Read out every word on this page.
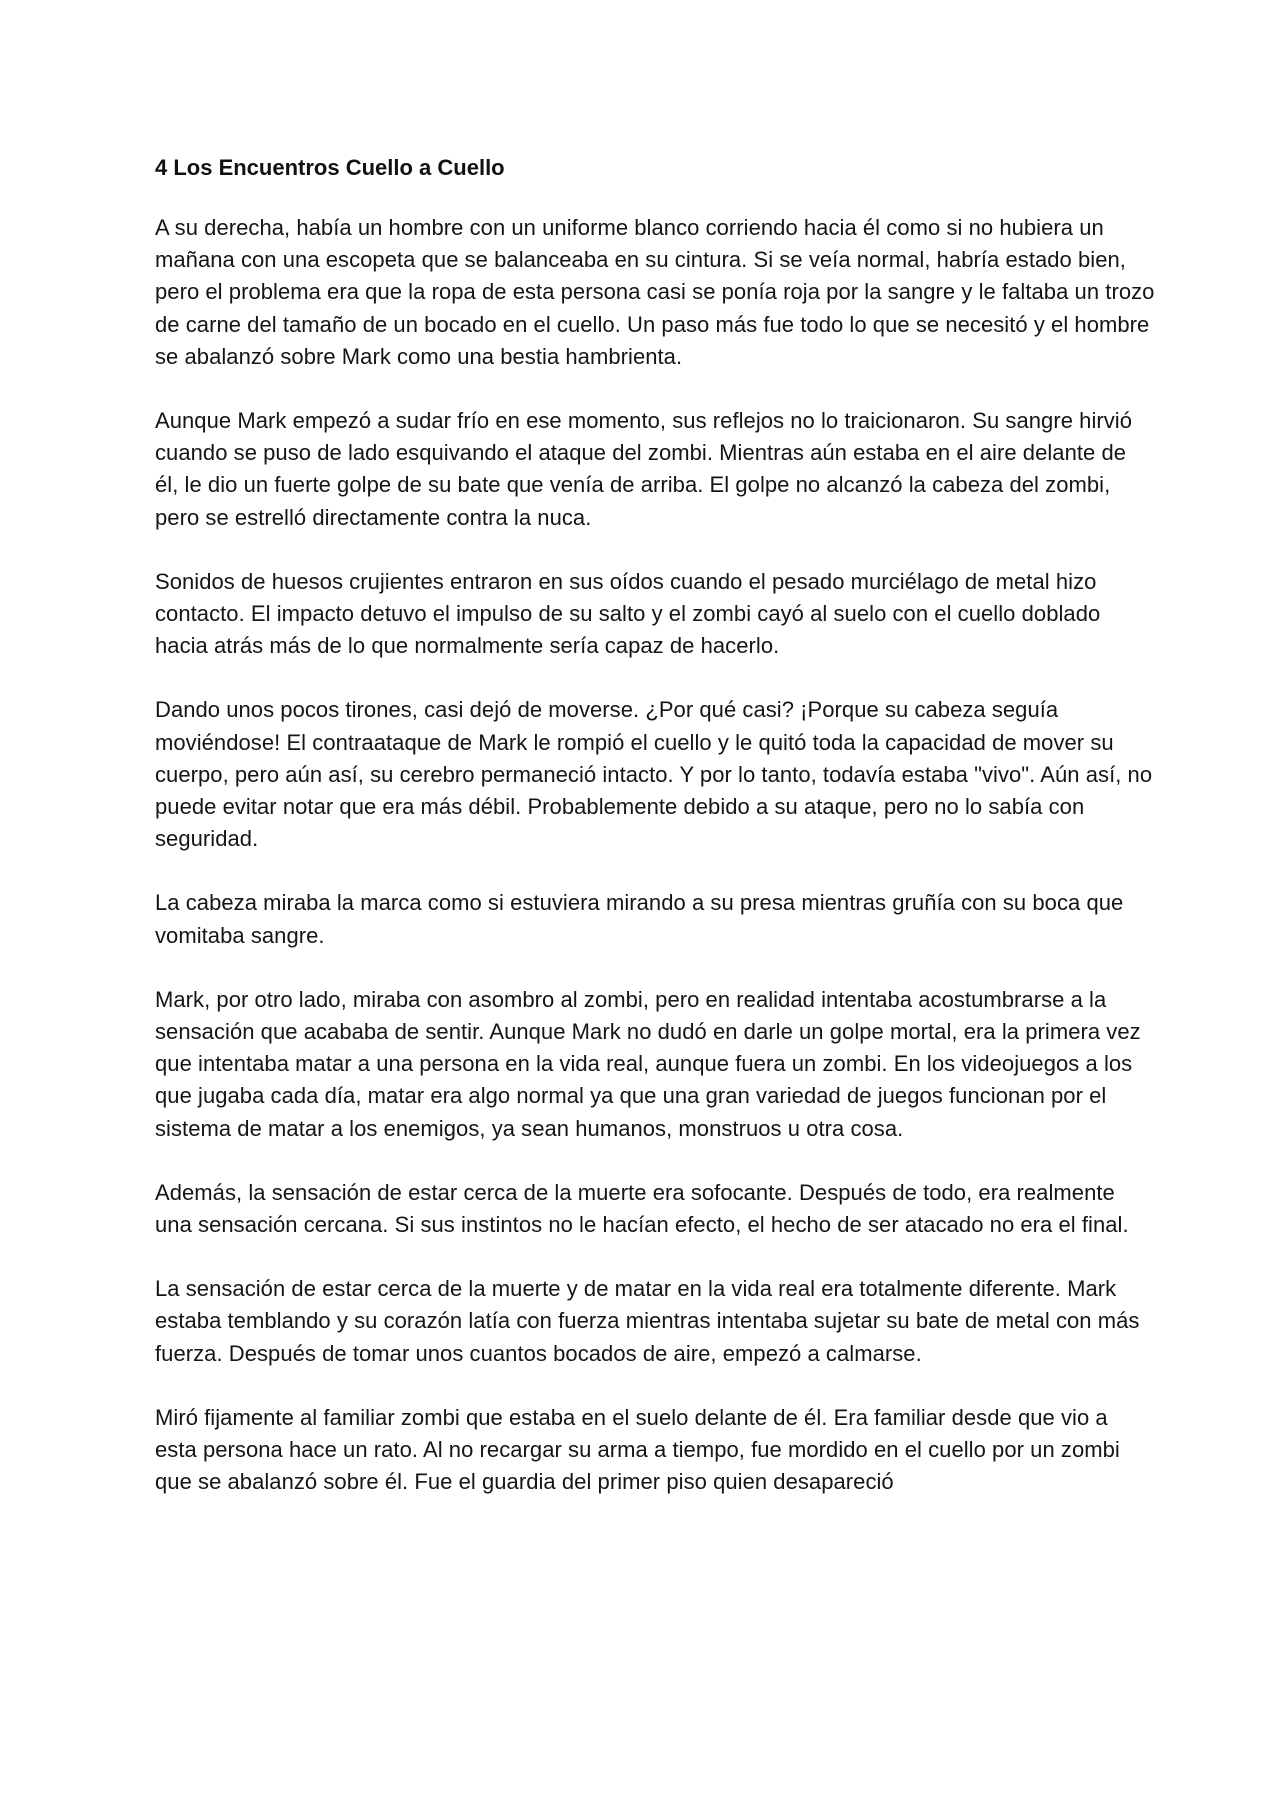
4 Los Encuentros Cuello a Cuello

A su derecha, había un hombre con un uniforme blanco corriendo hacia él como si no hubiera un mañana con una escopeta que se balanceaba en su cintura. Si se veía normal, habría estado bien, pero el problema era que la ropa de esta persona casi se ponía roja por la sangre y le faltaba un trozo de carne del tamaño de un bocado en el cuello. Un paso más fue todo lo que se necesitó y el hombre se abalanzó sobre Mark como una bestia hambrienta.

Aunque Mark empezó a sudar frío en ese momento, sus reflejos no lo traicionaron. Su sangre hirvió cuando se puso de lado esquivando el ataque del zombi. Mientras aún estaba en el aire delante de él, le dio un fuerte golpe de su bate que venía de arriba. El golpe no alcanzó la cabeza del zombi, pero se estrelló directamente contra la nuca.

Sonidos de huesos crujientes entraron en sus oídos cuando el pesado murciélago de metal hizo contacto. El impacto detuvo el impulso de su salto y el zombi cayó al suelo con el cuello doblado hacia atrás más de lo que normalmente sería capaz de hacerlo.

Dando unos pocos tirones, casi dejó de moverse. ¿Por qué casi? ¡Porque su cabeza seguía moviéndose! El contraataque de Mark le rompió el cuello y le quitó toda la capacidad de mover su cuerpo, pero aún así, su cerebro permaneció intacto. Y por lo tanto, todavía estaba "vivo". Aún así, no puede evitar notar que era más débil. Probablemente debido a su ataque, pero no lo sabía con seguridad.

La cabeza miraba la marca como si estuviera mirando a su presa mientras gruñía con su boca que vomitaba sangre.

Mark, por otro lado, miraba con asombro al zombi, pero en realidad intentaba acostumbrarse a la sensación que acababa de sentir. Aunque Mark no dudó en darle un golpe mortal, era la primera vez que intentaba matar a una persona en la vida real, aunque fuera un zombi. En los videojuegos a los que jugaba cada día, matar era algo normal ya que una gran variedad de juegos funcionan por el sistema de matar a los enemigos, ya sean humanos, monstruos u otra cosa.

Además, la sensación de estar cerca de la muerte era sofocante. Después de todo, era realmente una sensación cercana. Si sus instintos no le hacían efecto, el hecho de ser atacado no era el final.

La sensación de estar cerca de la muerte y de matar en la vida real era totalmente diferente. Mark estaba temblando y su corazón latía con fuerza mientras intentaba sujetar su bate de metal con más fuerza. Después de tomar unos cuantos bocados de aire, empezó a calmarse.

Miró fijamente al familiar zombi que estaba en el suelo delante de él. Era familiar desde que vio a esta persona hace un rato. Al no recargar su arma a tiempo, fue mordido en el cuello por un zombi que se abalanzó sobre él. Fue el guardia del primer piso quien desapareció
